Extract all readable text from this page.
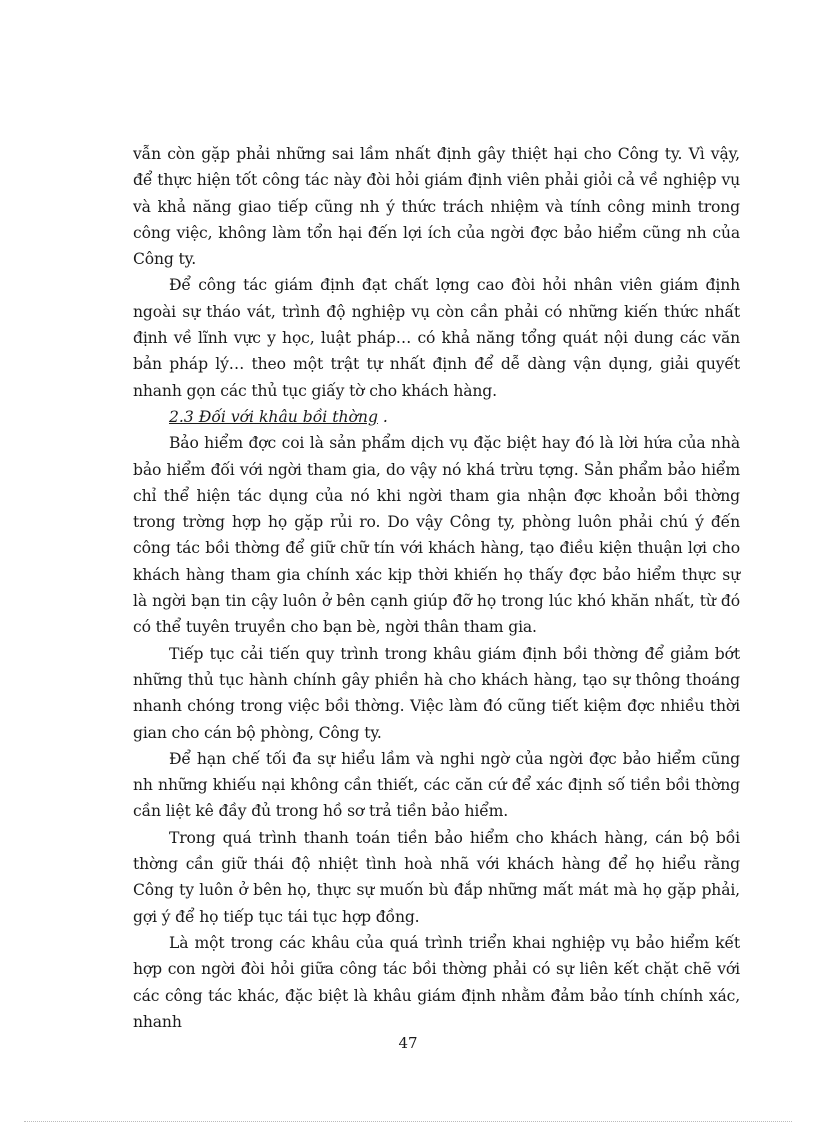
vẫn còn gặp phải những sai lầm nhất định gây thiệt hại cho Công ty. Vì vậy, để thực hiện tốt công tác này đòi hỏi giám định viên phải giỏi cả về nghiệp vụ và khả năng giao tiếp cũng nh ý thức trách nhiệm và tính công minh trong công việc, không làm tổn hại đến lợi ích của ngời đợc bảo hiểm cũng nh của Công ty.

Để công tác giám định đạt chất lợng cao đòi hỏi nhân viên giám định ngoài sự tháo vát, trình độ nghiệp vụ còn cần phải có những kiến thức nhất định về lĩnh vực y học, luật pháp… có khả năng tổng quát nội dung các văn bản pháp lý… theo một trật tự nhất định để dễ dàng vận dụng, giải quyết nhanh gọn các thủ tục giấy tờ cho khách hàng.

2.3 Đối với khâu bồi thờng .

Bảo hiểm đợc coi là sản phẩm dịch vụ đặc biệt hay đó là lời hứa của nhà bảo hiểm đối với ngời tham gia, do vậy nó khá trừu tợng. Sản phẩm bảo hiểm chỉ thể hiện tác dụng của nó khi ngời tham gia nhận đợc khoản bồi thờng trong trờng hợp họ gặp rủi ro. Do vậy Công ty, phòng luôn phải chú ý đến công tác bồi thờng để giữ chữ tín với khách hàng, tạo điều kiện thuận lợi cho khách hàng tham gia chính xác kịp thời khiến họ thấy đợc bảo hiểm thực sự là ngời bạn tin cậy luôn ở bên cạnh giúp đỡ họ trong lúc khó khăn nhất, từ đó có thể tuyên truyền cho bạn bè, ngời thân tham gia.

Tiếp tục cải tiến quy trình trong khâu giám định bồi thờng để giảm bớt những thủ tục hành chính gây phiền hà cho khách hàng, tạo sự thông thoáng nhanh chóng trong việc bồi thờng. Việc làm đó cũng tiết kiệm đợc nhiều thời gian cho cán bộ phòng, Công ty.

Để hạn chế tối đa sự hiểu lầm và nghi ngờ của ngời đợc bảo hiểm cũng nh những khiếu nại không cần thiết, các căn cứ để xác định số tiền bồi thờng cần liệt kê đầy đủ trong hồ sơ trả tiền bảo hiểm.

Trong quá trình thanh toán tiền bảo hiểm cho khách hàng, cán bộ bồi thờng cần giữ thái độ nhiệt tình hoà nhã với khách hàng để họ hiểu rằng Công ty luôn ở bên họ, thực sự muốn bù đắp những mất mát mà họ gặp phải, gợi ý để họ tiếp tục tái tục hợp đồng.

Là một trong các khâu của quá trình triển khai nghiệp vụ bảo hiểm kết hợp con ngời đòi hỏi giữa công tác bồi thờng phải có sự liên kết chặt chẽ với các công tác khác, đặc biệt là khâu giám định nhằm đảm bảo tính chính xác, nhanh

47
